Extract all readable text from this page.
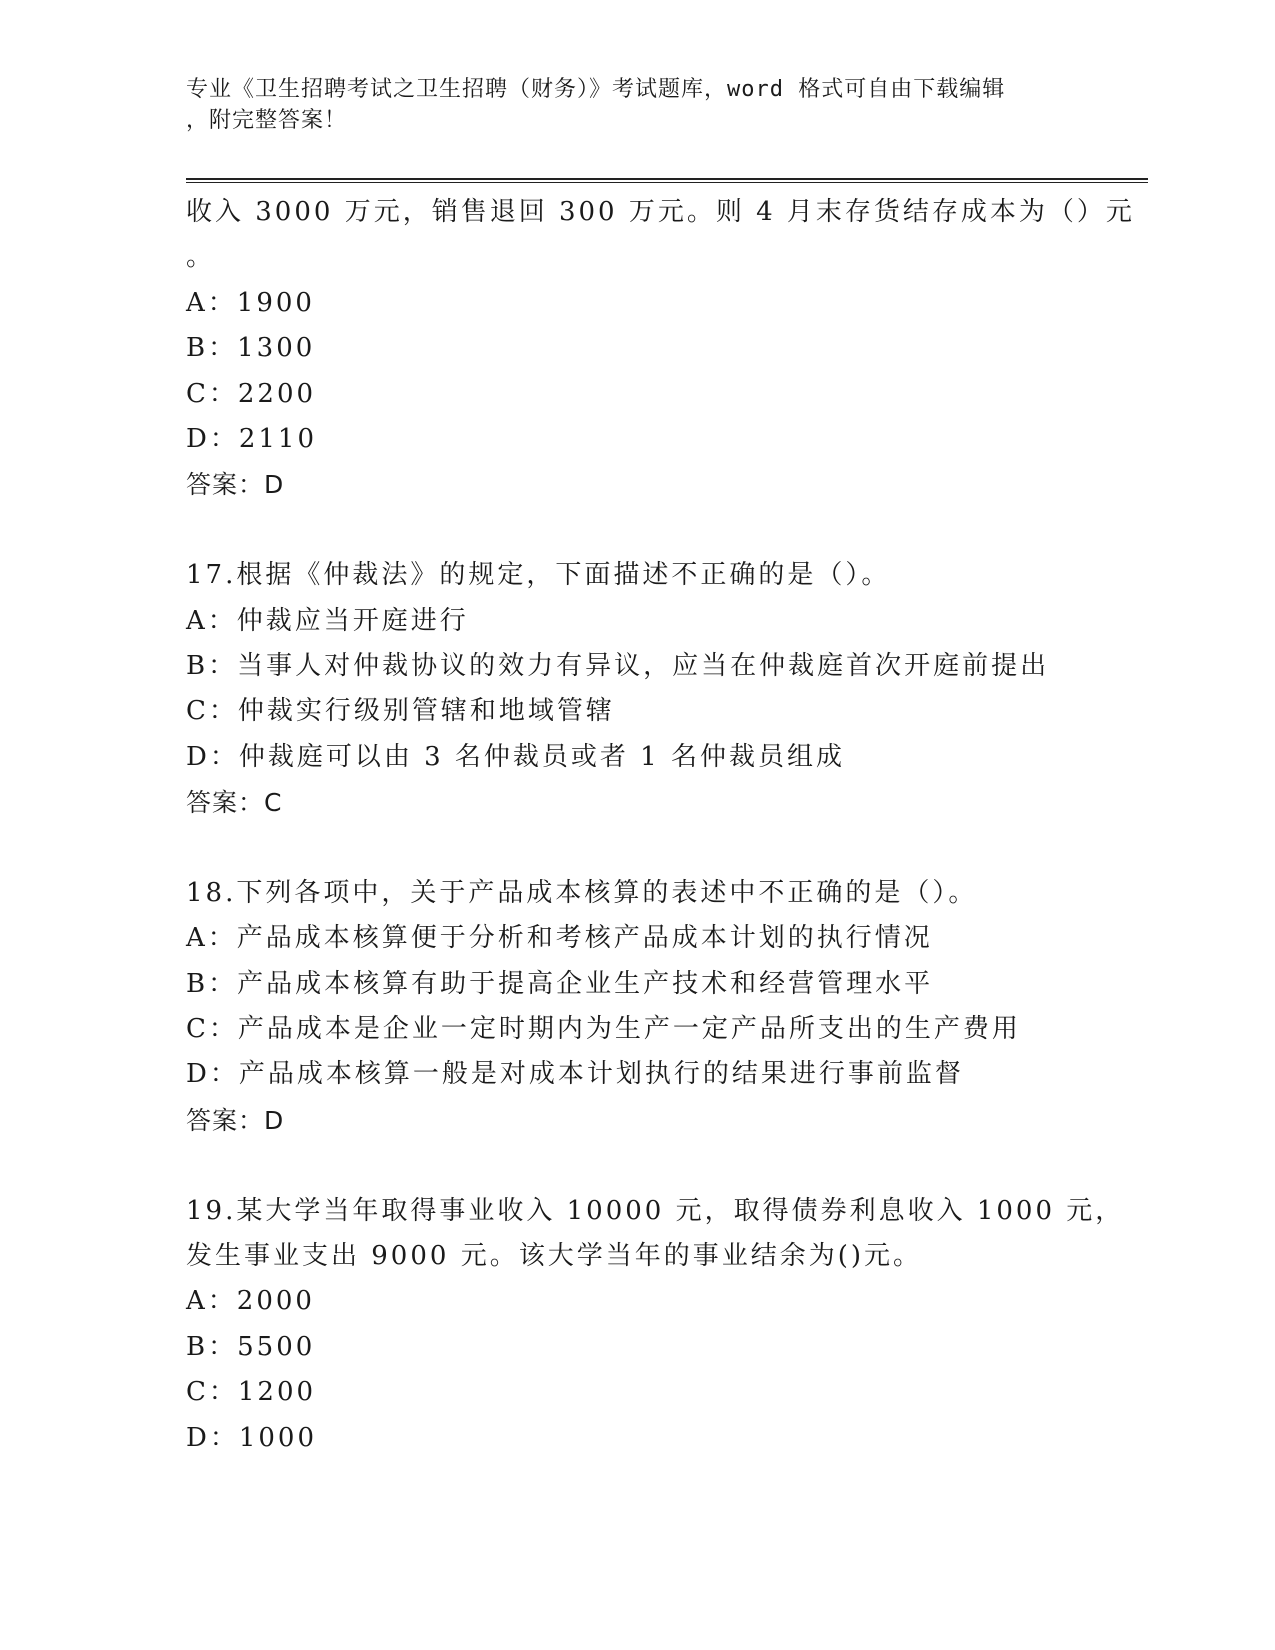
专业《卫生招聘考试之卫生招聘（财务）》考试题库，word 格式可自由下载编辑
，附完整答案！
收入 3000 万元，销售退回 300 万元。则 4 月末存货结存成本为（）元
。
A：1900
B：1300
C：2200
D：2110
答案：D
17.根据《仲裁法》的规定，下面描述不正确的是（）。
A：仲裁应当开庭进行
B：当事人对仲裁协议的效力有异议，应当在仲裁庭首次开庭前提出
C：仲裁实行级别管辖和地域管辖
D：仲裁庭可以由 3 名仲裁员或者 1 名仲裁员组成
答案：C
18.下列各项中，关于产品成本核算的表述中不正确的是（）。
A：产品成本核算便于分析和考核产品成本计划的执行情况
B：产品成本核算有助于提高企业生产技术和经营管理水平
C：产品成本是企业一定时期内为生产一定产品所支出的生产费用
D：产品成本核算一般是对成本计划执行的结果进行事前监督
答案：D
19.某大学当年取得事业收入 10000 元，取得债券利息收入 1000 元，
发生事业支出 9000 元。该大学当年的事业结余为()元。
A：2000
B：5500
C：1200
D：1000
